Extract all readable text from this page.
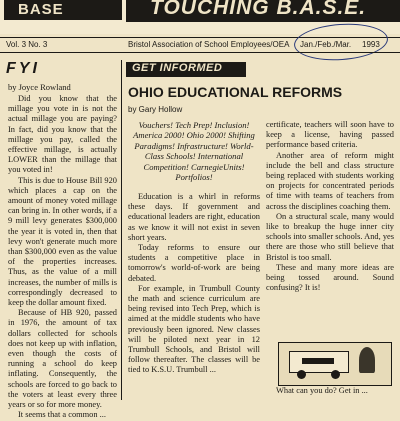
BASE	TOUCHING B.A.S.E.
Vol. 3 No. 3	Bristol Association of School Employees/OEA Jan./Feb./Mar. 1993
FYI
by Joyce Rowland

Did you know that the millage you vote in is not the actual millage you are paying? In fact, did you know that the millage you pay, called the effective millage, is actually LOWER than the millage that you voted in!

This is due to House Bill 920 which places a cap on the amount of money voted millage can bring in. In other words, if a 9 mill levy generates $300,000 the year it is voted in, then that levy won't generate much more than $300,000 even as the value of the properties increases. Thus, as the value of a mill increases, the number of mills is correspondingly decreased to keep the dollar amount fixed.

Because of HB 920, passed in 1976, the amount of tax dollars collected for schools does not keep up with inflation, even though the costs of running a school do keep inflating. Consequently, the schools are forced to go back to the voters at least every three years or so for more money.

It seems that a common ...

GET INFORMED
OHIO EDUCATIONAL REFORMS
by Gary Hollow
Vouchers! Tech Prep! Inclusion! America 2000! Ohio 2000! Shifting Paradigms! Infrastructure! World-Class Schools! International Competition! CarnegieUnits! Portfolios!

Education is a whirl in reforms these days. If government and educational leaders are right, education as we know it will not exist in seven short years.

Today reforms to ensure our students a competitive place in tomorrow's world-of-work are being debated.

For example, in Trumbull County the math and science curriculum are being revised into Tech Prep, which is aimed at the middle students who have previously been ignored. New classes will be piloted next year in 12 Trumbull Schools, and Bristol will follow thereafter. The classes will be tied to K.S.U. Trumbull ...

certificate, teachers will soon have to keep a license, having passed performance based criteria.

Another area of reform might include the bell and class structure being replaced with students working on projects for concentrated periods of time with teams of teachers from across the disciplines coaching them.

On a structural scale, many would like to breakup the huge inner city schools into smaller schools. And, yes there are those who still believe that Bristol is too small.

These and many more ideas are being tossed around. Sound confusing? It is!

What can you do? Get in ...
